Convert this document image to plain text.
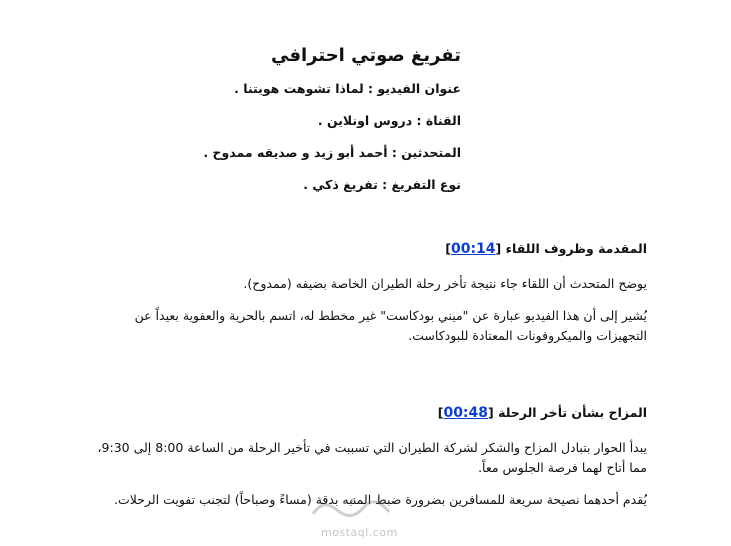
تفريغ صوتي احترافي

عنوان الفيديو : لماذا تشوهت هويتنا .

القناة : دروس اونلاين .

المتحدثين : أحمد أبو زيد و صديقه ممدوح .

نوع التفريغ : تفريغ ذكي .

المقدمة وظروف اللقاء [00:14]

يوضح المتحدث أن اللقاء جاء نتيجة تأخر رحلة الطيران الخاصة بضيفه (ممدوح).

يُشير إلى أن هذا الفيديو عبارة عن "ميني بودكاست" غير مخطط له، اتسم بالحرية والعفوية بعيداً عن التجهيزات والميكروفونات المعتادة للبودكاست.

المزاح بشأن تأخر الرحلة [00:48]

يبدأ الحوار بتبادل المزاح والشكر لشركة الطيران التي تسببت في تأخير الرحلة من الساعة 8:00 إلى 9:30، مما أتاح لهما فرصة الجلوس معاً.

يُقدم أحدهما نصيحة سريعة للمسافرين بضرورة ضبط المنبه بدقة (مساءً وصباحاً) لتجنب تفويت الرحلات.

mostaql.com
